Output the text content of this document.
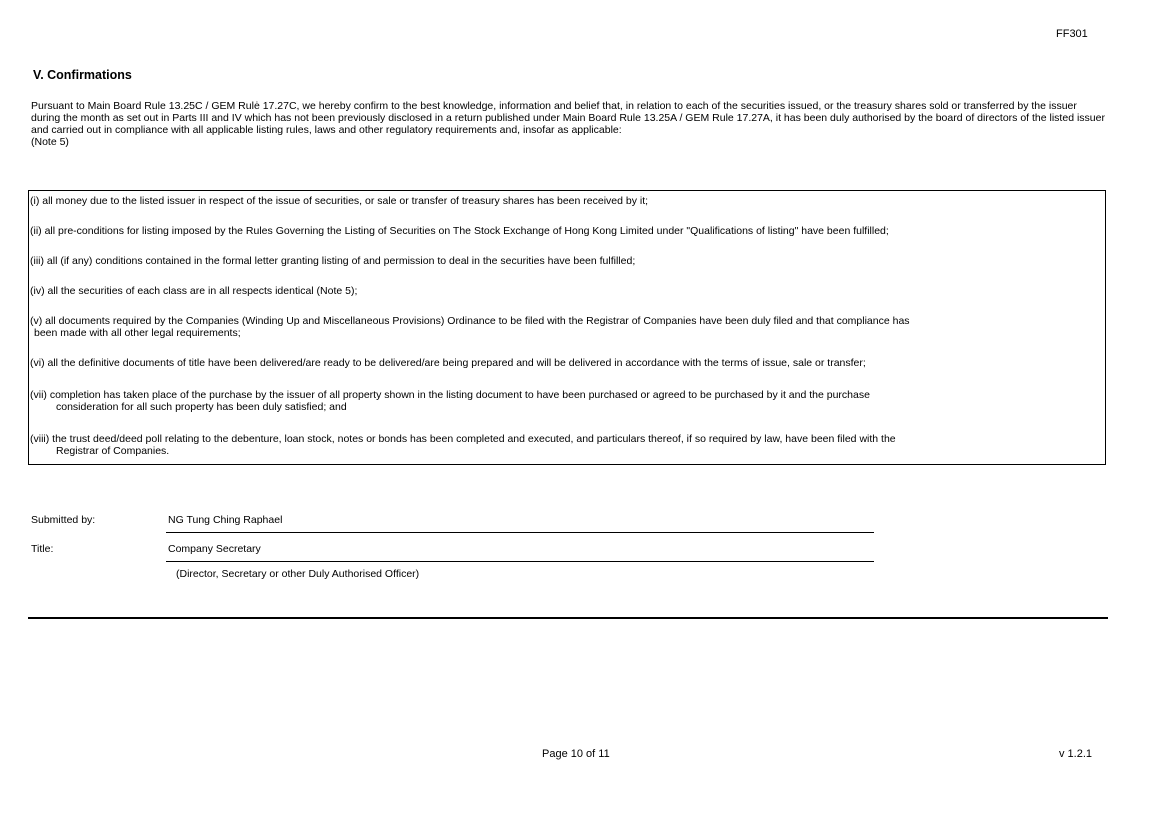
FF301
V. Confirmations
Pursuant to Main Board Rule 13.25C / GEM Rulė 17.27C, we hereby confirm to the best knowledge, information and belief that, in relation to each of the securities issued, or the treasury shares sold or transferred by the issuer during the month as set out in Parts III and IV which has not been previously disclosed in a return published under Main Board Rule 13.25A / GEM Rule 17.27A, it has been duly authorised by the board of directors of the listed issuer and carried out in compliance with all applicable listing rules, laws and other regulatory requirements and, insofar as applicable:
(Note 5)
(i) all money due to the listed issuer in respect of the issue of securities, or sale or transfer of treasury shares has been received by it;
(ii) all pre-conditions for listing imposed by the Rules Governing the Listing of Securities on The Stock Exchange of Hong Kong Limited under "Qualifications of listing" have been fulfilled;
(iii) all (if any) conditions contained in the formal letter granting listing of and permission to deal in the securities have been fulfilled;
(iv) all the securities of each class are in all respects identical (Note 5);
(v) all documents required by the Companies (Winding Up and Miscellaneous Provisions) Ordinance to be filed with the Registrar of Companies have been duly filed and that compliance has
been made with all other legal requirements;
(vi) all the definitive documents of title have been delivered/are ready to be delivered/are being prepared and will be delivered in accordance with the terms of issue, sale or transfer;
(vii) completion has taken place of the purchase by the issuer of all property shown in the listing document to have been purchased or agreed to be purchased by it and the purchase
consideration for all such property has been duly satisfied; and
(viii) the trust deed/deed poll relating to the debenture, loan stock, notes or bonds has been completed and executed, and particulars thereof, if so required by law, have been filed with the
Registrar of Companies.
Submitted by:	NG Tung Ching Raphael
Title:	Company Secretary
(Director, Secretary or other Duly Authorised Officer)
Page 10 of 11	v 1.2.1
